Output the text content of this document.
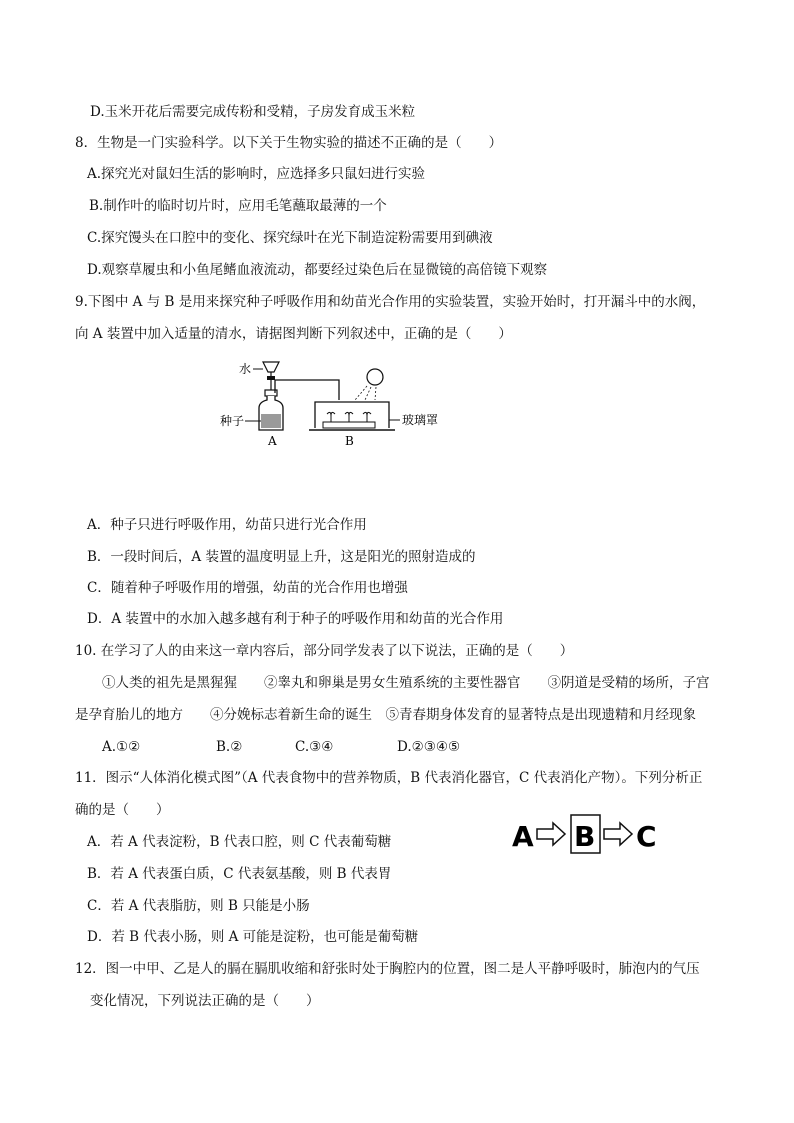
D.玉米开花后需要完成传粉和受精，子房发育成玉米粒
8．生物是一门实验科学。以下关于生物实验的描述不正确的是（　　）
A.探究光对鼠妇生活的影响时，应选择多只鼠妇进行实验
B.制作叶的临时切片时，应用毛笔蘸取最薄的一个
C.探究馒头在口腔中的变化、探究绿叶在光下制造淀粉需要用到碘液
D.观察草履虫和小鱼尾鳍血液流动，都要经过染色后在显微镜的高倍镜下观察
9.下图中 A 与 B 是用来探究种子呼吸作用和幼苗光合作用的实验装置，实验开始时，打开漏斗中的水阀，
向 A 装置中加入适量的清水，请据图判断下列叙述中，正确的是（　　）
水
种子	玻璃罩
A	B
A．种子只进行呼吸作用，幼苗只进行光合作用
B．一段时间后，A 装置的温度明显上升，这是阳光的照射造成的
C．随着种子呼吸作用的增强，幼苗的光合作用也增强
D．A 装置中的水加入越多越有利于种子的呼吸作用和幼苗的光合作用
10. 在学习了人的由来这一章内容后，部分同学发表了以下说法，正确的是（　　）
①人类的祖先是黑猩猩　　②睾丸和卵巢是男女生殖系统的主要性器官　　③阴道是受精的场所，子宫
是孕育胎儿的地方　　④分娩标志着新生命的诞生　⑤青春期身体发育的显著特点是出现遗精和月经现象
A.①②	B.②	C.③④	D.②③④⑤
11．图示“人体消化模式图”（A 代表食物中的营养物质，B 代表消化器官，C 代表消化产物）。下列分析正
确的是（　　）
A B C
A．若 A 代表淀粉，B 代表口腔，则 C 代表葡萄糖
B．若 A 代表蛋白质，C 代表氨基酸，则 B 代表胃
C．若 A 代表脂肪，则 B 只能是小肠
D．若 B 代表小肠，则 A 可能是淀粉，也可能是葡萄糖
12．图一中甲、乙是人的膈在膈肌收缩和舒张时处于胸腔内的位置，图二是人平静呼吸时，肺泡内的气压
变化情况，下列说法正确的是（　　）
